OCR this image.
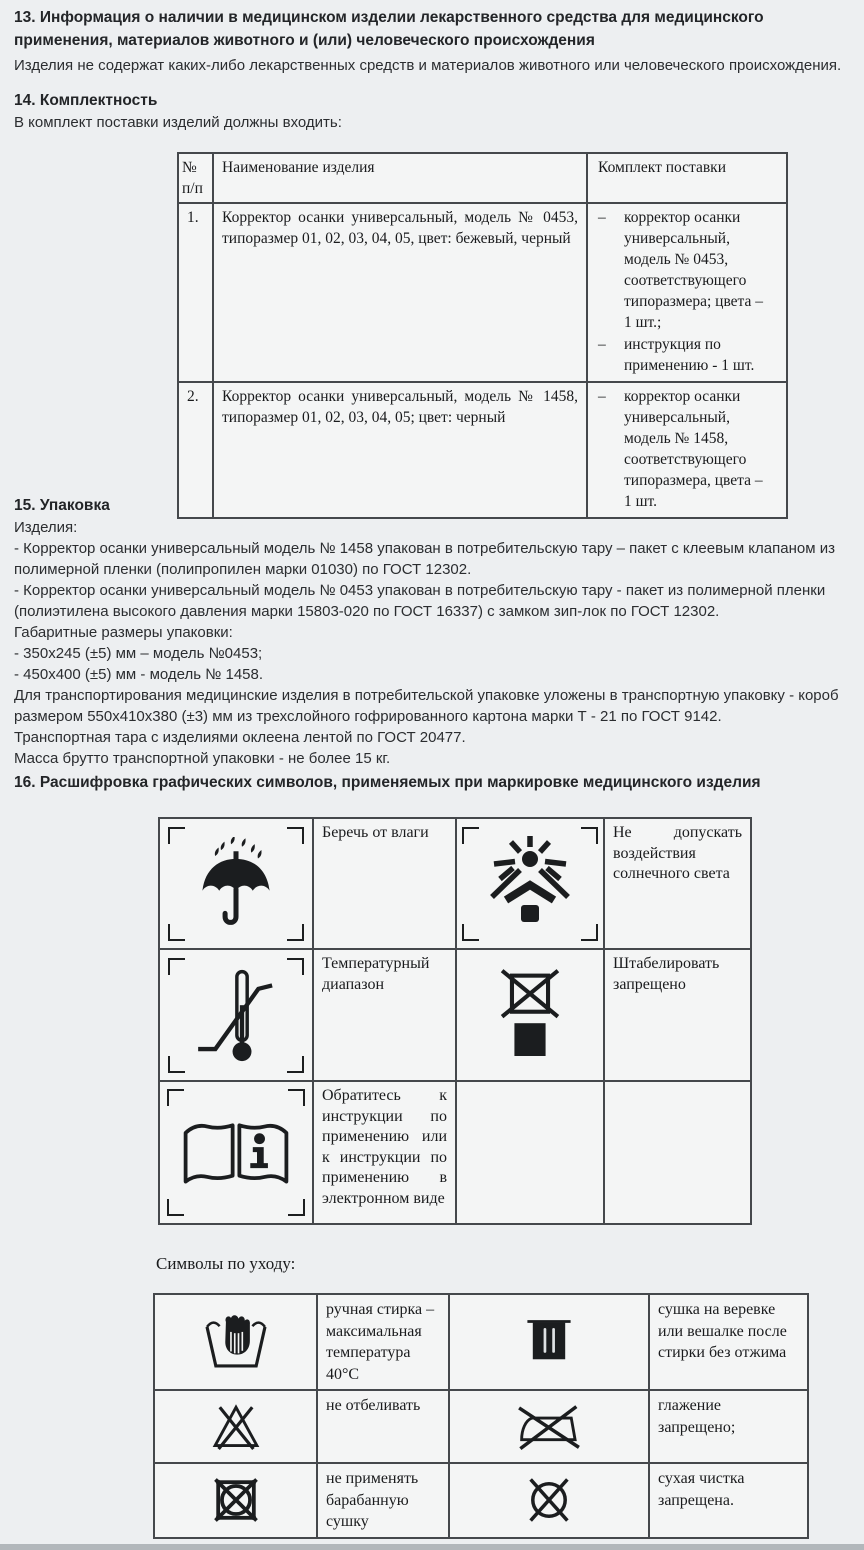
13. Информация о наличии в медицинском изделии лекарственного средства для медицинского применения, материалов животного и (или) человеческого происхождения
Изделия не содержат каких-либо лекарственных средств и материалов животного или человеческого происхождения.
14. Комплектность
В комплект поставки изделий должны входить:
№ п/п	Наименование изделия	Комплект поставки
1.	Корректор осанки универсальный, модель № 0453, типоразмер 01, 02, 03, 04, 05, цвет: бежевый, черный	– корректор осанки универсальный, модель № 0453, соответствующего типоразмера; цвета – 1 шт.;
– инструкция по применению - 1 шт.

2.	Корректор осанки универсальный, модель № 1458, типоразмер 01, 02, 03, 04, 05; цвет: черный	– корректор осанки универсальный, модель № 1458, соответствующего типоразмера, цвета – 1 шт.
15. Упаковка

Изделия:

- Корректор осанки универсальный модель № 1458 упакован в потребительскую тару – пакет с клеевым клапаном из полимерной пленки (полипропилен марки 01030) по ГОСТ 12302.

- Корректор осанки универсальный модель № 0453 упакован в потребительскую тару - пакет из полимерной пленки (полиэтилена высокого давления марки 15803-020 по ГОСТ 16337) с замком зип-лок по ГОСТ 12302.

Габаритные размеры упаковки:

- 350х245 (±5) мм – модель №0453;

- 450х400 (±5) мм - модель № 1458.

Для транспортирования медицинские изделия в потребительской упаковке уложены в транспортную упаковку - короб размером 550х410х380 (±3) мм из трехслойного гофрированного картона марки Т - 21 по ГОСТ 9142.

Транспортная тара с изделиями оклеена лентой по ГОСТ 20477.

Масса брутто транспортной упаковки - не более 15 кг.

16. Расшифровка графических символов, применяемых при маркировке медицинского изделия
	Беречь от влаги		Не допускать воздействия солнечного света

	Температурный диапазон		Штабелировать запрещено

	Обратитесь к инструкции по применению или к инструкции по применению в электронном виде		
Символы по уходу:
	ручная стирка – максимальная температура 40°С		сушка на веревке или вешалке после стирки без отжима

	не отбеливать		глажение запрещено;

	не применять барабанную сушку		сухая чистка запрещена.
